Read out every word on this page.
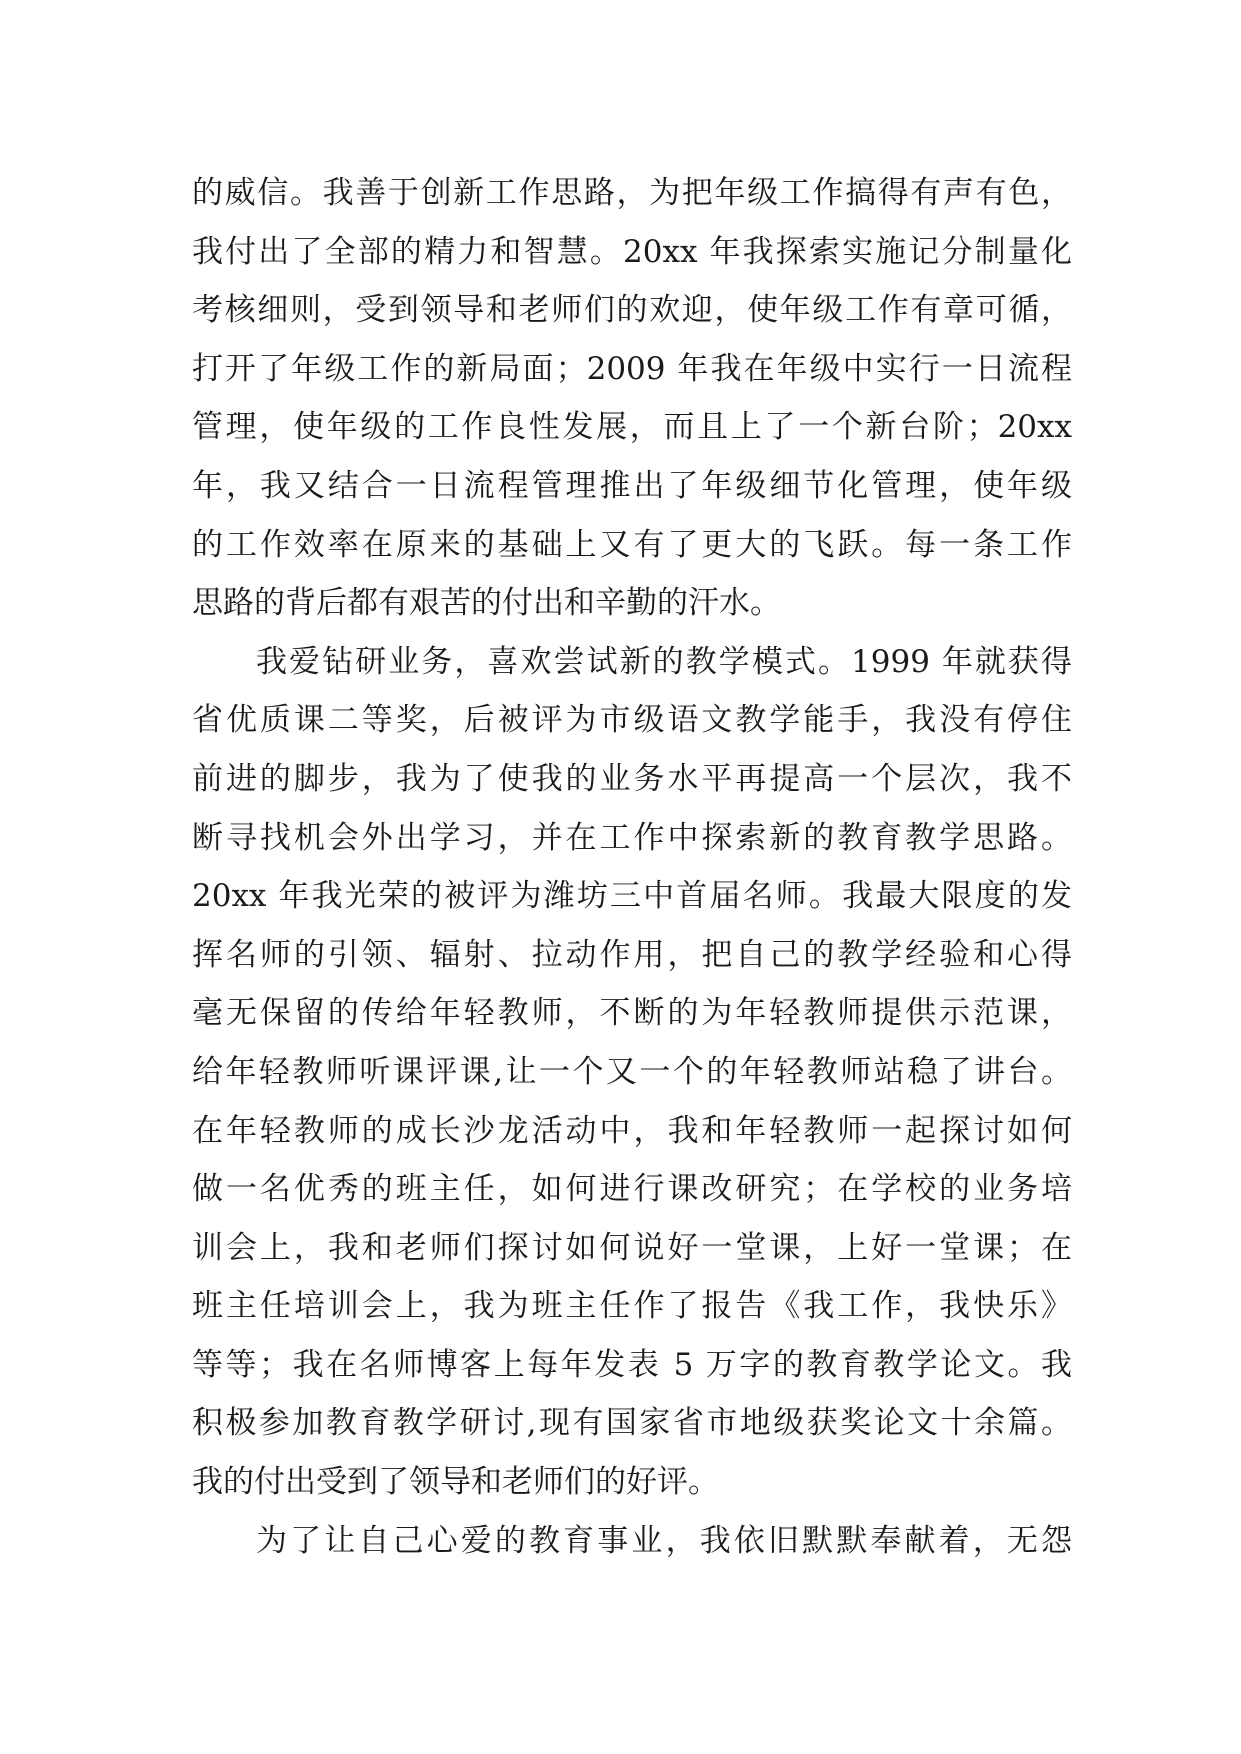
的威信。我善于创新工作思路，为把年级工作搞得有声有色，
我付出了全部的精力和智慧。20xx 年我探索实施记分制量化
考核细则，受到领导和老师们的欢迎，使年级工作有章可循，
打开了年级工作的新局面；2009 年我在年级中实行一日流程
管理，使年级的工作良性发展，而且上了一个新台阶；20xx
年，我又结合一日流程管理推出了年级细节化管理，使年级
的工作效率在原来的基础上又有了更大的飞跃。每一条工作
思路的背后都有艰苦的付出和辛勤的汗水。
我爱钻研业务，喜欢尝试新的教学模式。1999 年就获得
省优质课二等奖，后被评为市级语文教学能手，我没有停住
前进的脚步，我为了使我的业务水平再提高一个层次，我不
断寻找机会外出学习，并在工作中探索新的教育教学思路。
20xx 年我光荣的被评为潍坊三中首届名师。我最大限度的发
挥名师的引领、辐射、拉动作用，把自己的教学经验和心得
毫无保留的传给年轻教师，不断的为年轻教师提供示范课，
给年轻教师听课评课,让一个又一个的年轻教师站稳了讲台。
在年轻教师的成长沙龙活动中，我和年轻教师一起探讨如何
做一名优秀的班主任，如何进行课改研究；在学校的业务培
训会上，我和老师们探讨如何说好一堂课，上好一堂课；在
班主任培训会上，我为班主任作了报告《我工作，我快乐》
等等；我在名师博客上每年发表 5 万字的教育教学论文。我
积极参加教育教学研讨,现有国家省市地级获奖论文十余篇。
我的付出受到了领导和老师们的好评。
为了让自己心爱的教育事业，我依旧默默奉献着，无怨
